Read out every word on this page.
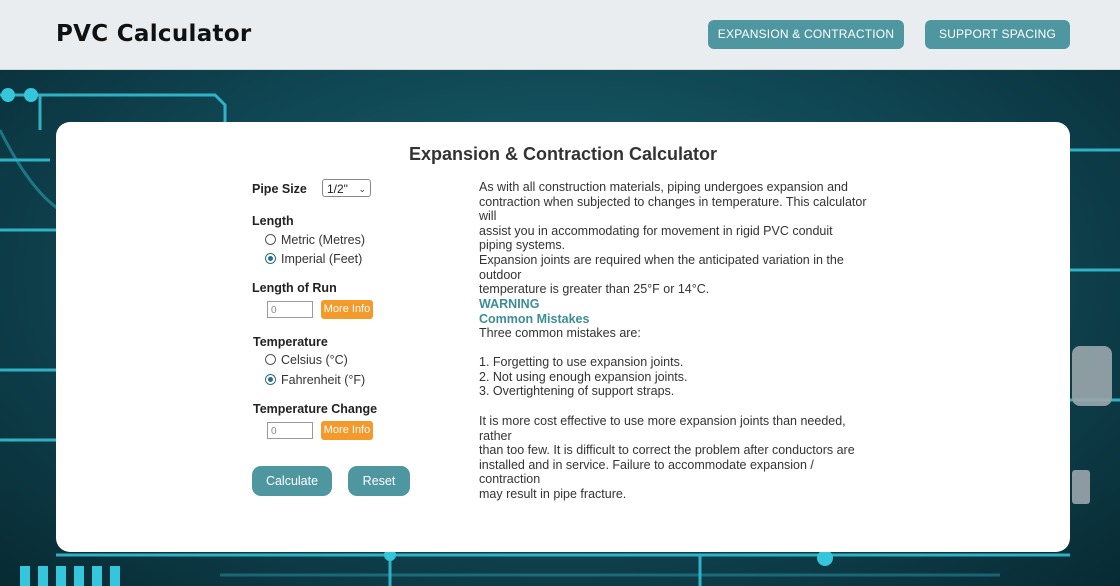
PVC Calculator	EXPANSION & CONTRACTION	SUPPORT SPACING
Expansion & Contraction Calculator
Pipe Size	1/2" ⌄
Length
Metric (Metres)
Imperial (Feet)
Length of Run
0	More Info
Temperature
Celsius (°C)
Fahrenheit (°F)
Temperature Change
0	More Info
Calculate	Reset
As with all construction materials, piping undergoes expansion and
contraction when subjected to changes in temperature. This calculator will
assist you in accommodating for movement in rigid PVC conduit
piping systems.
Expansion joints are required when the anticipated variation in the outdoor
temperature is greater than 25°F or 14°C.
WARNING
Common Mistakes
Three common mistakes are:
1. Forgetting to use expansion joints.
2. Not using enough expansion joints.
3. Overtightening of support straps.
It is more cost effective to use more expansion joints than needed, rather
than too few. It is difficult to correct the problem after conductors are
installed and in service. Failure to accommodate expansion / contraction
may result in pipe fracture.
